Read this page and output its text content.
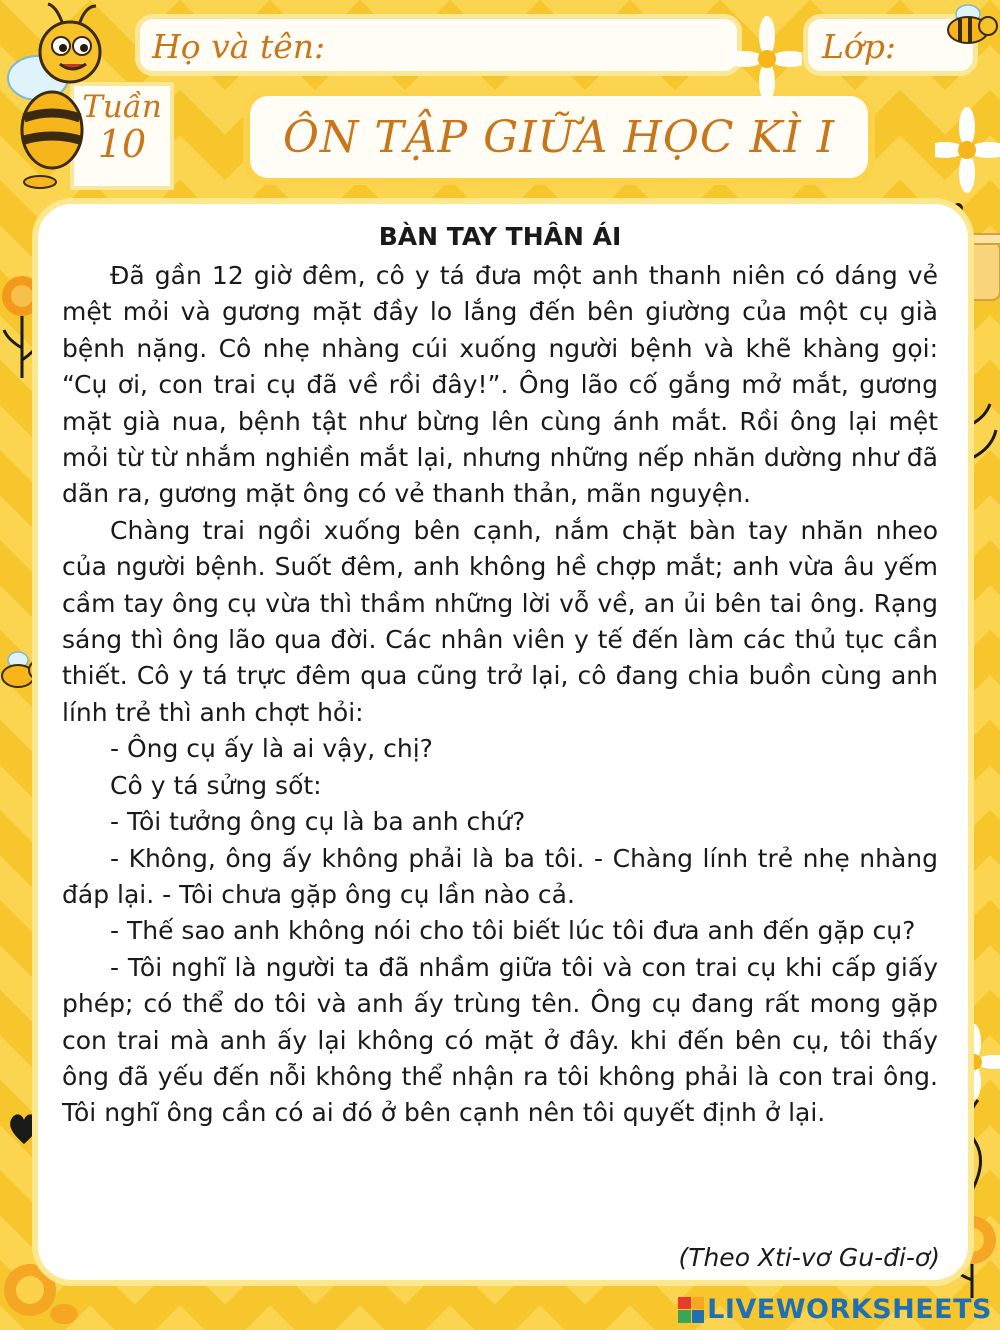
Họ và tên:	Lớp:
Tuần
10	ÔN TẬP GIỮA HỌC KÌ I
BÀN TAY THÂN ÁI

Đã gần 12 giờ đêm, cô y tá đưa một anh thanh niên có dáng vẻ mệt mỏi và gương mặt đầy lo lắng đến bên giường của một cụ già bệnh nặng. Cô nhẹ nhàng cúi xuống người bệnh và khẽ khàng gọi: “Cụ ơi, con trai cụ đã về rồi đây!”. Ông lão cố gắng mở mắt, gương mặt già nua, bệnh tật như bừng lên cùng ánh mắt. Rồi ông lại mệt mỏi từ từ nhắm nghiền mắt lại, nhưng những nếp nhăn dường như đã dãn ra, gương mặt ông có vẻ thanh thản, mãn nguyện.

Chàng trai ngồi xuống bên cạnh, nắm chặt bàn tay nhăn nheo của người bệnh. Suốt đêm, anh không hề chợp mắt; anh vừa âu yếm cầm tay ông cụ vừa thì thầm những lời vỗ về, an ủi bên tai ông. Rạng sáng thì ông lão qua đời. Các nhân viên y tế đến làm các thủ tục cần thiết. Cô y tá trực đêm qua cũng trở lại, cô đang chia buồn cùng anh lính trẻ thì anh chợt hỏi:

- Ông cụ ấy là ai vậy, chị?

Cô y tá sửng sốt:

- Tôi tưởng ông cụ là ba anh chứ?

- Không, ông ấy không phải là ba tôi. - Chàng lính trẻ nhẹ nhàng đáp lại. - Tôi chưa gặp ông cụ lần nào cả.

- Thế sao anh không nói cho tôi biết lúc tôi đưa anh đến gặp cụ?

- Tôi nghĩ là người ta đã nhầm giữa tôi và con trai cụ khi cấp giấy phép; có thể do tôi và anh ấy trùng tên. Ông cụ đang rất mong gặp con trai mà anh ấy lại không có mặt ở đây. khi đến bên cụ, tôi thấy ông đã yếu đến nỗi không thể nhận ra tôi không phải là con trai ông. Tôi nghĩ ông cần có ai đó ở bên cạnh nên tôi quyết định ở lại.

(Theo Xti-vơ Gu-đi-ơ)
LIVEWORKSHEETS
